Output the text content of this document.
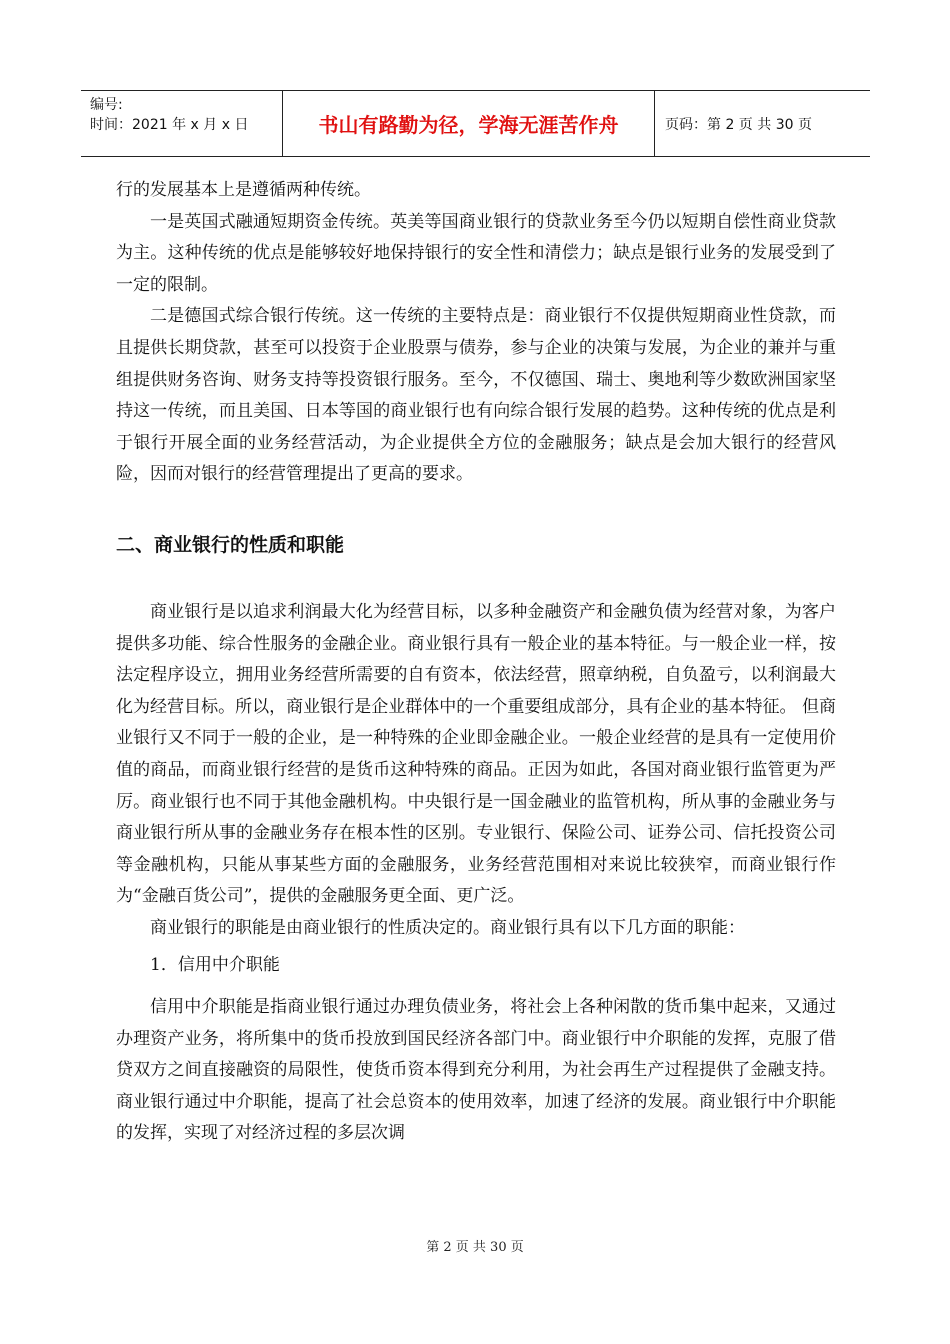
编号:
时间：2021 年 x 月 x 日	书山有路勤为径，学海无涯苦作舟	页码：第 2 页 共 30 页

行的发展基本上是遵循两种传统。

一是英国式融通短期资金传统。英美等国商业银行的贷款业务至今仍以短期自偿性商业贷款为主。这种传统的优点是能够较好地保持银行的安全性和清偿力；缺点是银行业务的发展受到了一定的限制。

二是德国式综合银行传统。这一传统的主要特点是：商业银行不仅提供短期商业性贷款，而且提供长期贷款，甚至可以投资于企业股票与债券，参与企业的决策与发展，为企业的兼并与重组提供财务咨询、财务支持等投资银行服务。至今，不仅德国、瑞士、奥地利等少数欧洲国家坚持这一传统，而且美国、日本等国的商业银行也有向综合银行发展的趋势。这种传统的优点是利于银行开展全面的业务经营活动，为企业提供全方位的金融服务；缺点是会加大银行的经营风险，因而对银行的经营管理提出了更高的要求。

二、商业银行的性质和职能

商业银行是以追求利润最大化为经营目标，以多种金融资产和金融负债为经营对象，为客户提供多功能、综合性服务的金融企业。商业银行具有一般企业的基本特征。与一般企业一样，按法定程序设立，拥用业务经营所需要的自有资本，依法经营，照章纳税，自负盈亏，以利润最大化为经营目标。所以，商业银行是企业群体中的一个重要组成部分，具有企业的基本特征。 但商业银行又不同于一般的企业，是一种特殊的企业即金融企业。一般企业经营的是具有一定使用价值的商品，而商业银行经营的是货币这种特殊的商品。正因为如此，各国对商业银行监管更为严厉。商业银行也不同于其他金融机构。中央银行是一国金融业的监管机构，所从事的金融业务与商业银行所从事的金融业务存在根本性的区别。专业银行、保险公司、证券公司、信托投资公司等金融机构，只能从事某些方面的金融服务，业务经营范围相对来说比较狭窄，而商业银行作为“金融百货公司”，提供的金融服务更全面、更广泛。

商业银行的职能是由商业银行的性质决定的。商业银行具有以下几方面的职能：

1．信用中介职能

信用中介职能是指商业银行通过办理负债业务，将社会上各种闲散的货币集中起来，又通过办理资产业务，将所集中的货币投放到国民经济各部门中。商业银行中介职能的发挥，克服了借贷双方之间直接融资的局限性，使货币资本得到充分利用，为社会再生产过程提供了金融支持。商业银行通过中介职能，提高了社会总资本的使用效率，加速了经济的发展。商业银行中介职能的发挥，实现了对经济过程的多层次调

第 2 页 共 30 页
